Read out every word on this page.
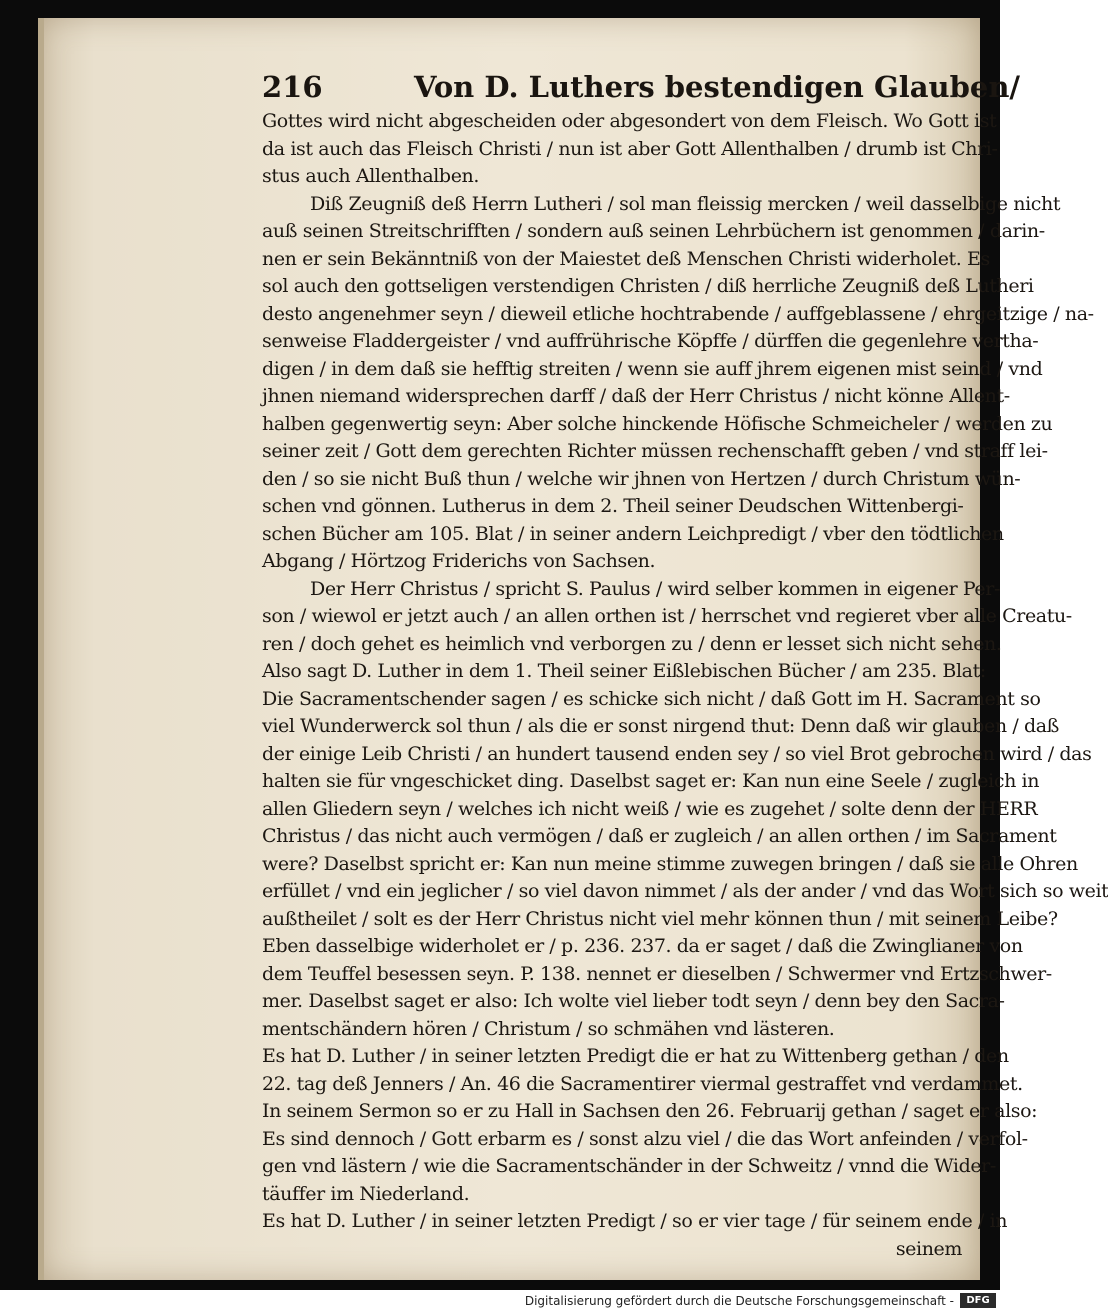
216	Von D. Luthers bestendigen Glauben/
Gottes wird nicht abgescheiden oder abgesondert von dem Fleisch. Wo Gott ist
da ist auch das Fleisch Christi / nun ist aber Gott Allenthalben / drumb ist Chri-
stus auch Allenthalben.
Diß Zeugniß deß Herrn Lutheri / sol man fleissig mercken / weil dasselbige nicht
auß seinen Streitschrifften / sondern auß seinen Lehrbüchern ist genommen / darin-
nen er sein Bekänntniß von der Maiestet deß Menschen Christi widerholet. Es
sol auch den gottseligen verstendigen Christen / diß herrliche Zeugniß deß Lutheri
desto angenehmer seyn / dieweil etliche hochtrabende / auffgeblassene / ehrgeitzige / na-
senweise Fladdergeister / vnd auffrührische Köpffe / dürffen die gegenlehre vertha-
digen / in dem daß sie hefftig streiten / wenn sie auff jhrem eigenen mist seind / vnd
jhnen niemand widersprechen darff / daß der Herr Christus / nicht könne Allent-
halben gegenwertig seyn: Aber solche hinckende Höfische Schmeicheler / werden zu
seiner zeit / Gott dem gerechten Richter müssen rechenschafft geben / vnd straff lei-
den / so sie nicht Buß thun / welche wir jhnen von Hertzen / durch Christum wün-
schen vnd gönnen. Lutherus in dem 2. Theil seiner Deudschen Wittenbergi-
schen Bücher am 105. Blat / in seiner andern Leichpredigt / vber den tödtlichen
Abgang / Hörtzog Friderichs von Sachsen.
Der Herr Christus / spricht S. Paulus / wird selber kommen in eigener Per-
son / wiewol er jetzt auch / an allen orthen ist / herrschet vnd regieret vber alle Creatu-
ren / doch gehet es heimlich vnd verborgen zu / denn er lesset sich nicht sehen.
Also sagt D. Luther in dem 1. Theil seiner Eißlebischen Bücher / am 235. Blat:
Die Sacramentschender sagen / es schicke sich nicht / daß Gott im H. Sacrament so
viel Wunderwerck sol thun / als die er sonst nirgend thut: Denn daß wir glauben / daß
der einige Leib Christi / an hundert tausend enden sey / so viel Brot gebrochen wird / das
halten sie für vngeschicket ding. Daselbst saget er: Kan nun eine Seele / zugleich in
allen Gliedern seyn / welches ich nicht weiß / wie es zugehet / solte denn der HERR
Christus / das nicht auch vermögen / daß er zugleich / an allen orthen / im Sacrament
were? Daselbst spricht er: Kan nun meine stimme zuwegen bringen / daß sie alle Ohren
erfüllet / vnd ein jeglicher / so viel davon nimmet / als der ander / vnd das Wort sich so weit
außtheilet / solt es der Herr Christus nicht viel mehr können thun / mit seinem Leibe?
Eben dasselbige widerholet er / p. 236. 237. da er saget / daß die Zwinglianer von
dem Teuffel besessen seyn. P. 138. nennet er dieselben / Schwermer vnd Ertzschwer-
mer. Daselbst saget er also: Ich wolte viel lieber todt seyn / denn bey den Sacra-
mentschändern hören / Christum / so schmähen vnd lästeren.
Es hat D. Luther / in seiner letzten Predigt die er hat zu Wittenberg gethan / den
22. tag deß Jenners / An. 46 die Sacramentirer viermal gestraffet vnd verdammet.
In seinem Sermon so er zu Hall in Sachsen den 26. Februarij gethan / saget er also:
Es sind dennoch / Gott erbarm es / sonst alzu viel / die das Wort anfeinden / verfol-
gen vnd lästern / wie die Sacramentschänder in der Schweitz / vnnd die Wider-
täuffer im Niederland.
Es hat D. Luther / in seiner letzten Predigt / so er vier tage / für seinem ende / in
seinem
Digitalisierung gefördert durch die Deutsche Forschungsgemeinschaft -	DFG
